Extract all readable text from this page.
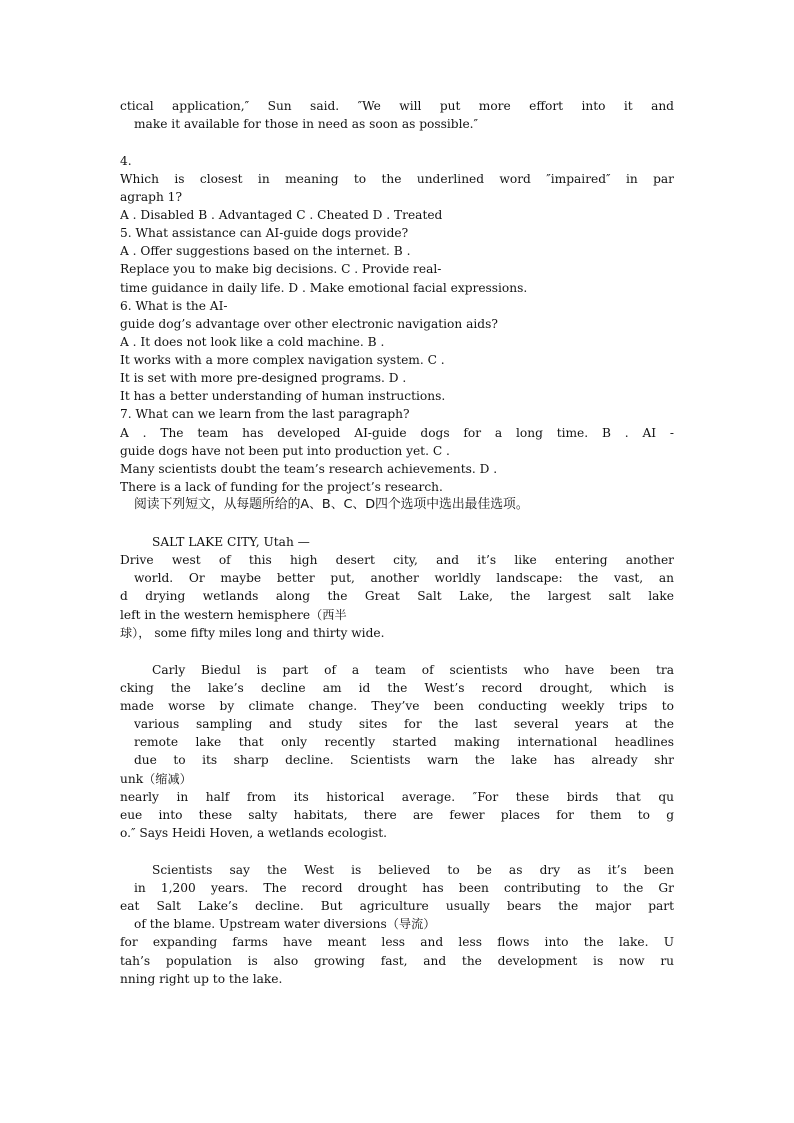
ctical application,″ Sun said. ″We will put more effort into it and
make it available for those in need as soon as possible.″
4.
Which is closest in meaning to the underlined word ″impaired″ in par
agraph 1?
A . Disabled B . Advantaged C . Cheated D . Treated
5. What assistance can AI-guide dogs provide?
A . Offer suggestions based on the internet. B .
Replace you to make big decisions. C . Provide real-
time guidance in daily life. D . Make emotional facial expressions.
6. What is the AI-
guide dog’s advantage over other electronic navigation aids?
A . It does not look like a cold machine. B .
It works with a more complex navigation system. C .
It is set with more pre-designed programs. D .
It has a better understanding of human instructions.
7. What can we learn from the last paragraph?
A . The team has developed AI-guide dogs for a long time. B . AI -
guide dogs have not been put into production yet. C .
Many scientists doubt the team’s research achievements. D .
There is a lack of funding for the project’s research.
阅读下列短文，从每题所给的A、B、C、D四个选项中选出最佳选项。
SALT LAKE CITY, Utah —
Drive west of this high desert city, and it’s like entering another
world. Or maybe better put, another worldly landscape: the vast, an
d drying wetlands along the Great Salt Lake, the largest salt lake
left in the western hemisphere（西半
球）， some fifty miles long and thirty wide.
Carly Biedul is part of a team of scientists who have been tra
cking the lake’s decline am id the West’s record drought, which is
made worse by climate change. They’ve been conducting weekly trips to
various sampling and study sites for the last several years at the
remote lake that only recently started making international headlines
due to its sharp decline. Scientists warn the lake has already shr
unk（缩减）
nearly in half from its historical average. ″For these birds that qu
eue into these salty habitats, there are fewer places for them to g
o.″ Says Heidi Hoven, a wetlands ecologist.
Scientists say the West is believed to be as dry as it’s been
in 1,200 years. The record drought has been contributing to the Gr
eat Salt Lake’s decline. But agriculture usually bears the major part
of the blame. Upstream water diversions（导流）
for expanding farms have meant less and less flows into the lake. U
tah’s population is also growing fast, and the development is now ru
nning right up to the lake.
